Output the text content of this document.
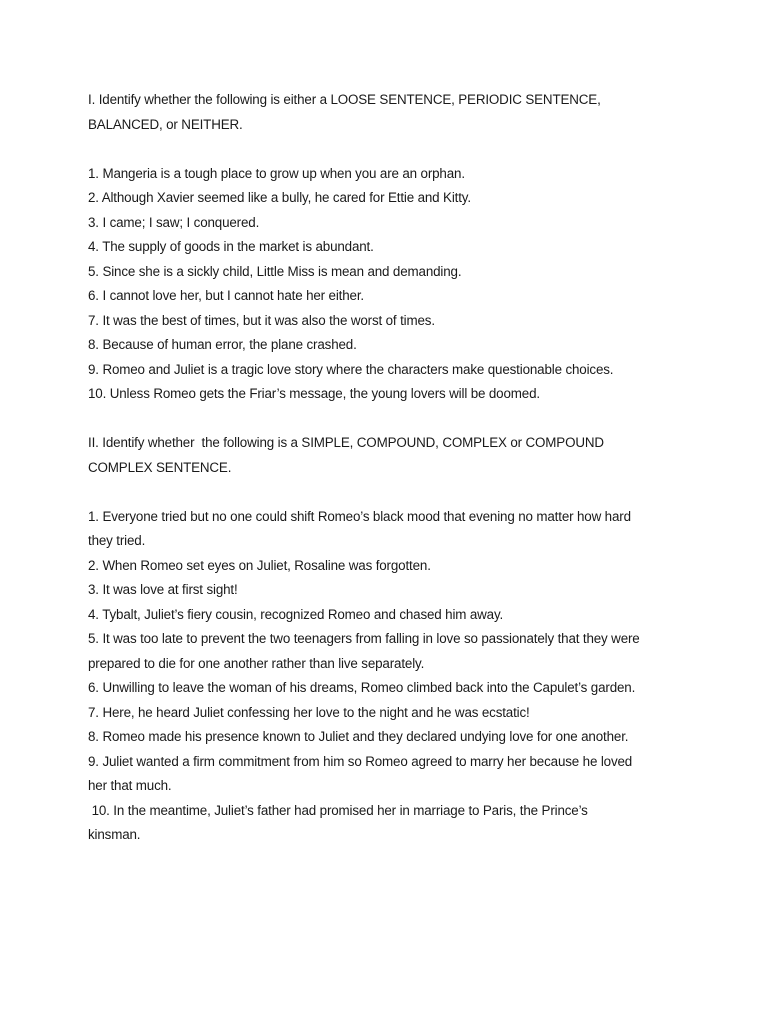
I. Identify whether the following is either a LOOSE SENTENCE, PERIODIC SENTENCE,
BALANCED, or NEITHER.
1. Mangeria is a tough place to grow up when you are an orphan.
2. Although Xavier seemed like a bully, he cared for Ettie and Kitty.
3. I came; I saw; I conquered.
4. The supply of goods in the market is abundant.
5. Since she is a sickly child, Little Miss is mean and demanding.
6. I cannot love her, but I cannot hate her either.
7. It was the best of times, but it was also the worst of times.
8. Because of human error, the plane crashed.
9. Romeo and Juliet is a tragic love story where the characters make questionable choices.
10. Unless Romeo gets the Friar’s message, the young lovers will be doomed.
II. Identify whether  the following is a SIMPLE, COMPOUND, COMPLEX or COMPOUND
COMPLEX SENTENCE.
1. Everyone tried but no one could shift Romeo’s black mood that evening no matter how hard
they tried.
2. When Romeo set eyes on Juliet, Rosaline was forgotten.
3. It was love at first sight!
4. Tybalt, Juliet’s fiery cousin, recognized Romeo and chased him away.
5. It was too late to prevent the two teenagers from falling in love so passionately that they were
prepared to die for one another rather than live separately.
6. Unwilling to leave the woman of his dreams, Romeo climbed back into the Capulet’s garden.
7. Here, he heard Juliet confessing her love to the night and he was ecstatic!
8. Romeo made his presence known to Juliet and they declared undying love for one another.
9. Juliet wanted a firm commitment from him so Romeo agreed to marry her because he loved
her that much.
10. In the meantime, Juliet’s father had promised her in marriage to Paris, the Prince’s
kinsman.
